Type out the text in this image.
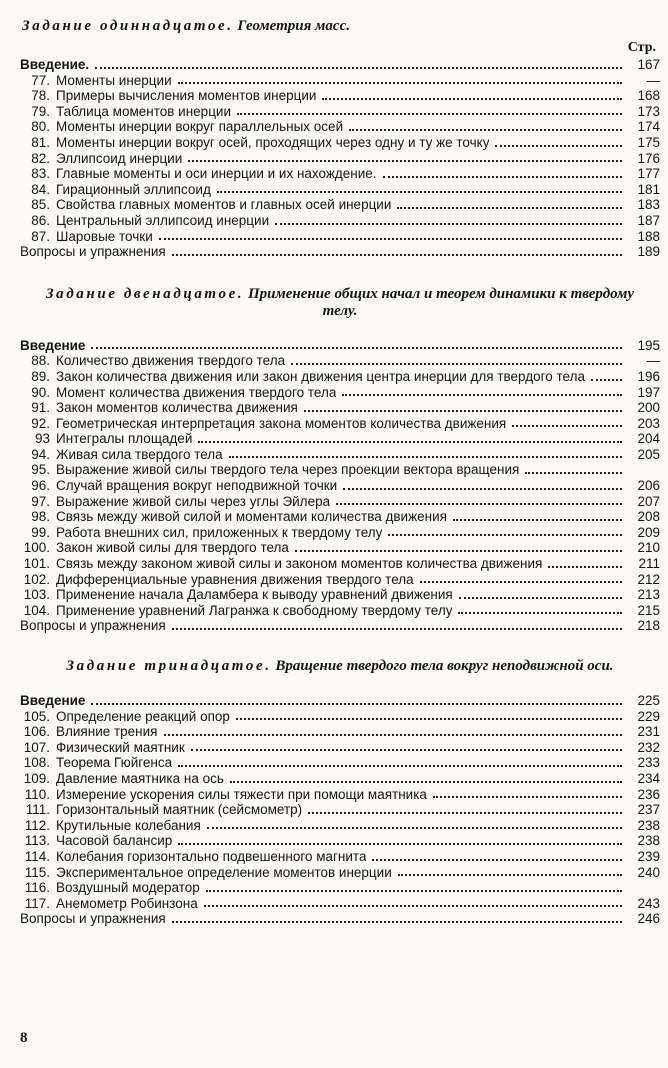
Задание одиннадцатое. Геометрия масс.
Стр.
Введение.	167
77. Моменты инерции	—
78. Примеры вычисления моментов инерции	168
79. Таблица моментов инерции	173
80. Моменты инерции вокруг параллельных осей	174
81. Моменты инерции вокруг осей, проходящих через одну и ту же точку	175
82. Эллипсоид инерции	176
83. Главные моменты и оси инерции и их нахождение.	177
84. Гирационный эллипсоид	181
85. Свойства главных моментов и главных осей инерции	183
86. Центральный эллипсоид инерции	187
87. Шаровые точки	188
Вопросы и упражнения	189
Задание двенадцатое. Применение общих начал и теорем динамики к твердому телу.
Введение	195
88. Количество движения твердого тела	—
89. Закон количества движения или закон движения центра инерции для твердого тела	196
90. Момент количества движения твердого тела	197
91. Закон моментов количества движения	200
92. Геометрическая интерпретация закона моментов количества движения	203
93 Интегралы площадей	204
94. Живая сила твердого тела	205
95. Выражение живой силы твердого тела через проекции вектора вращения
96. Случай вращения вокруг неподвижной точки	206
97. Выражение живой силы через углы Эйлера	207
98. Связь между живой силой и моментами количества движения	208
99. Работа внешних сил, приложенных к твердому телу	209
100. Закон живой силы для твердого тела	210
101. Связь между законом живой силы и законом моментов количества движения	211
102. Дифференциальные уравнения движения твердого тела	212
103. Применение начала Даламбера к выводу уравнений движения	213
104. Применение уравнений Лагранжа к свободному твердому телу	215
Вопросы и упражнения	218
Задание тринадцатое. Вращение твердого тела вокруг неподвижной оси.
Введение	225
105. Определение реакций опор	229
106. Влияние трения	231
107. Физический маятник	232
108. Теорема Гюйгенса	233
109. Давление маятника на ось	234
110. Измерение ускорения силы тяжести при помощи маятника	236
111. Горизонтальный маятник (сейсмометр)	237
112. Крутильные колебания	238
113. Часовой балансир	238
114. Колебания горизонтально подвешенного магнита	239
115. Экспериментальное определение моментов инерции	240
116. Воздушный модератор
117. Анемометр Робинзона	243
Вопросы и упражнения	246
8
